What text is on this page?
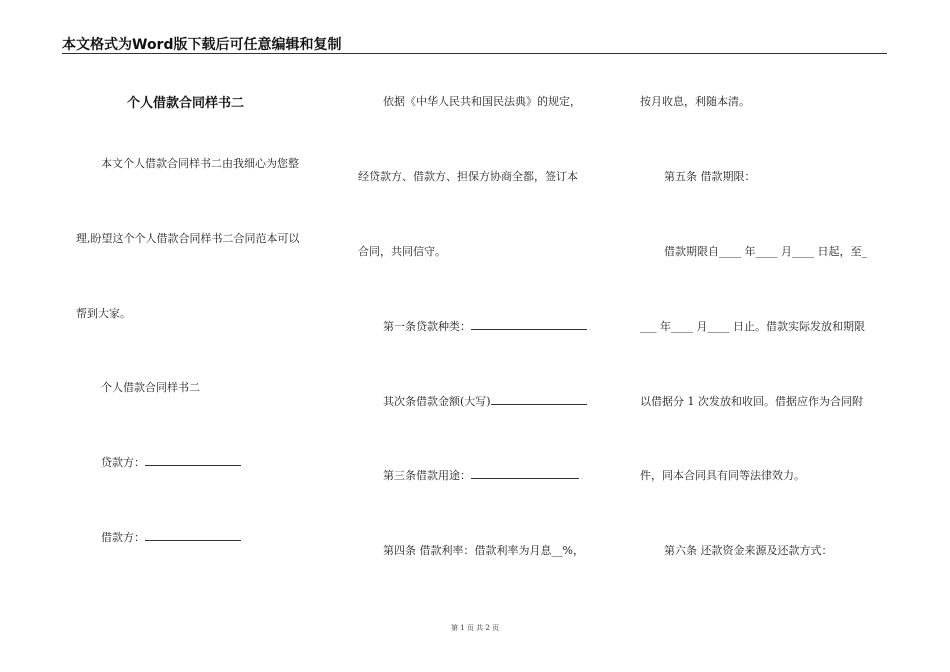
本文格式为Word版下载后可任意编辑和复制
个人借款合同样书二
本文个人借款合同样书二由我细心为您整
理,盼望这个个人借款合同样书二合同范本可以
帮到大家。
个人借款合同样书二
贷款方：
借款方：
依据《中华人民共和国民法典》的规定，
经贷款方、借款方、担保方协商全都，签订本
合同，共同信守。
第一条贷款种类：
其次条借款金额(大写)
第三条借款用途：
第四条 借款利率：借款利率为月息__%，
按月收息，利随本清。
第五条 借款期限：
借款期限自____ 年____ 月____ 日起，至_
___ 年____ 月____ 日止。借款实际发放和期限
以借据分 1 次发放和收回。借据应作为合同附
件，同本合同具有同等法律效力。
第六条 还款资金来源及还款方式：
第 1 页 共 2 页
